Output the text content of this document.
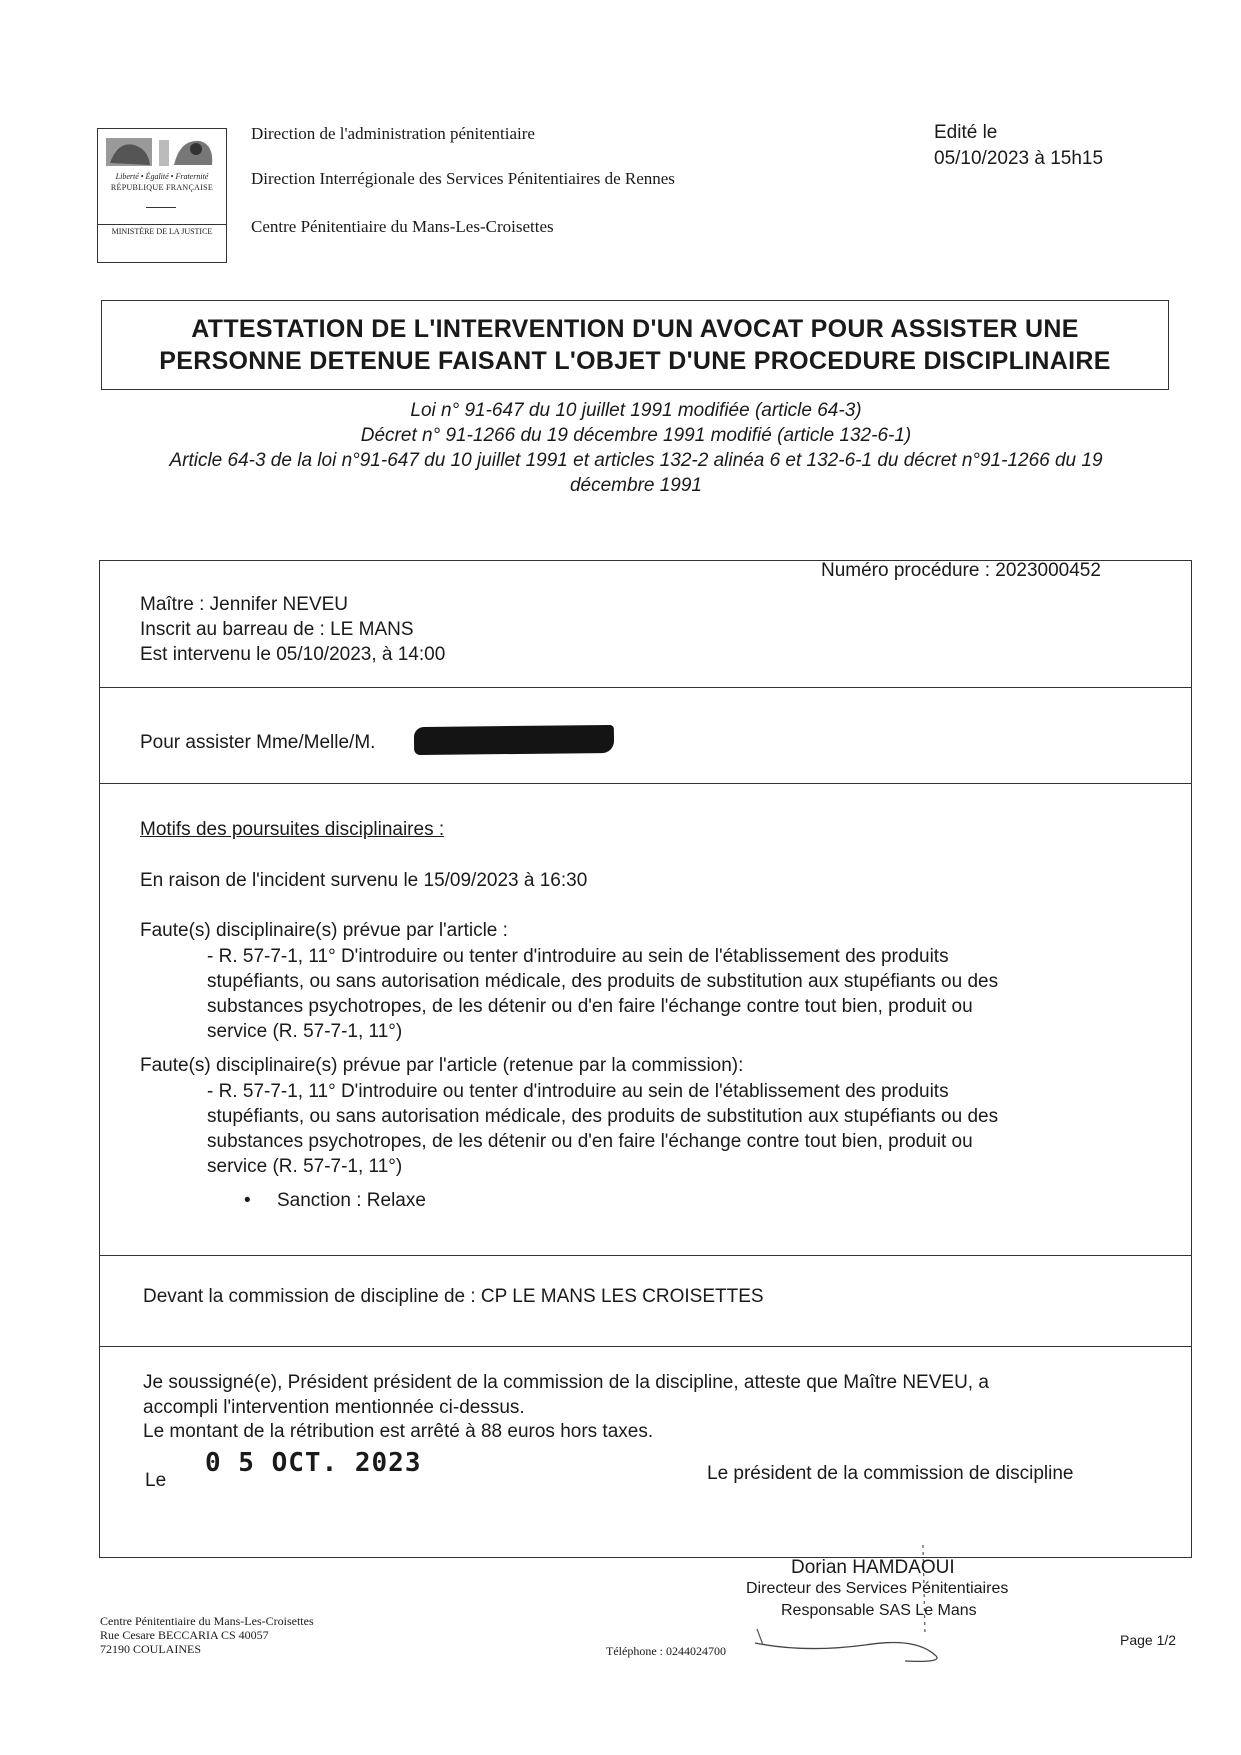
Liberté • Égalité • Fraternité
RÉPUBLIQUE FRANÇAISE
MINISTÈRE DE LA JUSTICE
Direction de l'administration pénitentiaire
Direction Interrégionale des Services Pénitentiaires de Rennes
Centre Pénitentiaire du Mans-Les-Croisettes
Edité le
05/10/2023 à 15h15
ATTESTATION DE L'INTERVENTION D'UN AVOCAT POUR ASSISTER UNE
PERSONNE DETENUE FAISANT L'OBJET D'UNE PROCEDURE DISCIPLINAIRE
Loi n° 91-647 du 10 juillet 1991 modifiée (article 64-3)
Décret n° 91-1266 du 19 décembre 1991 modifié (article 132-6-1)
Article 64-3 de la loi n°91-647 du 10 juillet 1991 et articles 132-2 alinéa 6 et 132-6-1 du décret n°91-1266 du 19
décembre 1991
Numéro procédure : 2023000452
Maître : Jennifer NEVEU
Inscrit au barreau de : LE MANS
Est intervenu le 05/10/2023, à 14:00
Pour assister Mme/Melle/M.
Motifs des poursuites disciplinaires :
En raison de l'incident survenu le 15/09/2023 à 16:30
Faute(s) disciplinaire(s) prévue par l'article :
- R. 57-7-1, 11° D'introduire ou tenter d'introduire au sein de l'établissement des produits
stupéfiants, ou sans autorisation médicale, des produits de substitution aux stupéfiants ou des
substances psychotropes, de les détenir ou d'en faire l'échange contre tout bien, produit ou
service (R. 57-7-1, 11°)
Faute(s) disciplinaire(s) prévue par l'article (retenue par la commission):
- R. 57-7-1, 11° D'introduire ou tenter d'introduire au sein de l'établissement des produits
stupéfiants, ou sans autorisation médicale, des produits de substitution aux stupéfiants ou des
substances psychotropes, de les détenir ou d'en faire l'échange contre tout bien, produit ou
service (R. 57-7-1, 11°)
• Sanction : Relaxe
Devant la commission de discipline de : CP LE MANS LES CROISETTES
Je soussigné(e), Président président de la commission de la discipline, atteste que Maître NEVEU, a
accompli l'intervention mentionnée ci-dessus.
Le montant de la rétribution est arrêté à 88 euros hors taxes.
0 5 OCT. 2023
Le	Le président de la commission de discipline
Dorian HAMDAOUI
Directeur des Services Pénitentiaires
Responsable SAS Le Mans
Centre Pénitentiaire du Mans-Les-Croisettes
Rue Cesare BECCARIA CS 40057
72190 COULAINES	Téléphone : 0244024700
Page 1/2
